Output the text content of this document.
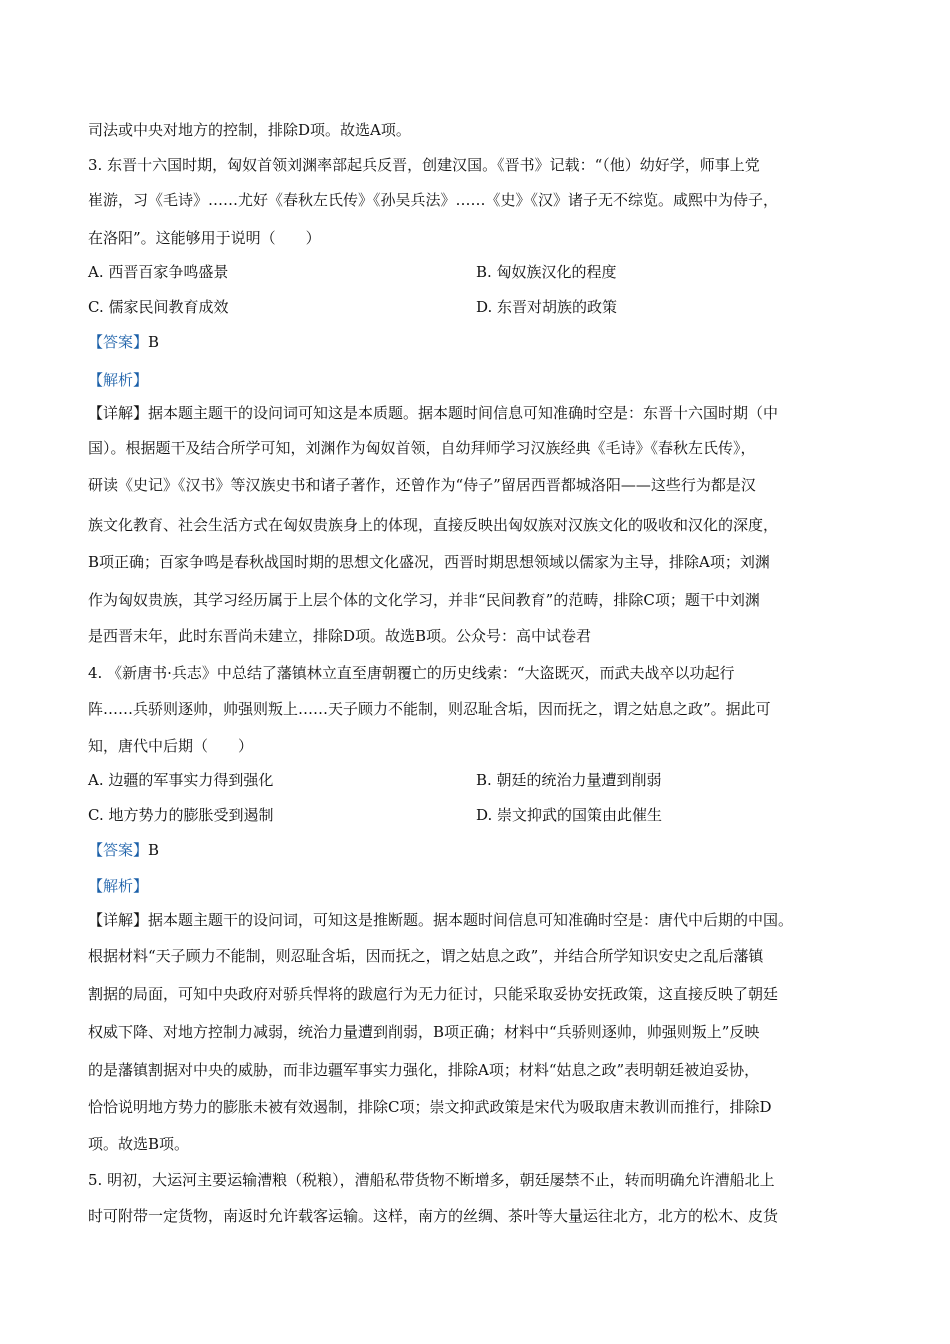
司法或中央对地方的控制，排除D项。故选A项。
3. 东晋十六国时期，匈奴首领刘渊率部起兵反晋，创建汉国。《晋书》记载：“（他）幼好学，师事上党
崔游，习《毛诗》……尤好《春秋左氏传》《孙吴兵法》……《史》《汉》诸子无不综览。咸熙中为侍子，
在洛阳”。这能够用于说明（　　）
A. 西晋百家争鸣盛景	B. 匈奴族汉化的程度
C. 儒家民间教育成效	D. 东晋对胡族的政策
【答案】B
【解析】
【详解】据本题主题干的设问词可知这是本质题。据本题时间信息可知准确时空是：东晋十六国时期（中
国）。根据题干及结合所学可知，刘渊作为匈奴首领，自幼拜师学习汉族经典《毛诗》《春秋左氏传》，
研读《史记》《汉书》等汉族史书和诸子著作，还曾作为“侍子”留居西晋都城洛阳——这些行为都是汉
族文化教育、社会生活方式在匈奴贵族身上的体现，直接反映出匈奴族对汉族文化的吸收和汉化的深度，
B项正确；百家争鸣是春秋战国时期的思想文化盛况，西晋时期思想领域以儒家为主导，排除A项；刘渊
作为匈奴贵族，其学习经历属于上层个体的文化学习，并非“民间教育”的范畴，排除C项；题干中刘渊
是西晋末年，此时东晋尚未建立，排除D项。故选B项。公众号：高中试卷君
4. 《新唐书·兵志》中总结了藩镇林立直至唐朝覆亡的历史线索：“大盗既灭，而武夫战卒以功起行
阵……兵骄则逐帅，帅强则叛上……天子顾力不能制，则忍耻含垢，因而抚之，谓之姑息之政”。据此可
知，唐代中后期（　　）
A. 边疆的军事实力得到强化	B. 朝廷的统治力量遭到削弱
C. 地方势力的膨胀受到遏制	D. 崇文抑武的国策由此催生
【答案】B
【解析】
【详解】据本题主题干的设问词，可知这是推断题。据本题时间信息可知准确时空是：唐代中后期的中国。
根据材料“天子顾力不能制，则忍耻含垢，因而抚之，谓之姑息之政”，并结合所学知识安史之乱后藩镇
割据的局面，可知中央政府对骄兵悍将的跋扈行为无力征讨，只能采取妥协安抚政策，这直接反映了朝廷
权威下降、对地方控制力减弱，统治力量遭到削弱，B项正确；材料中“兵骄则逐帅，帅强则叛上”反映
的是藩镇割据对中央的威胁，而非边疆军事实力强化，排除A项；材料“姑息之政”表明朝廷被迫妥协，
恰恰说明地方势力的膨胀未被有效遏制，排除C项；崇文抑武政策是宋代为吸取唐末教训而推行，排除D
项。故选B项。
5. 明初，大运河主要运输漕粮（税粮），漕船私带货物不断增多，朝廷屡禁不止，转而明确允许漕船北上
时可附带一定货物，南返时允许载客运输。这样，南方的丝绸、茶叶等大量运往北方，北方的松木、皮货
